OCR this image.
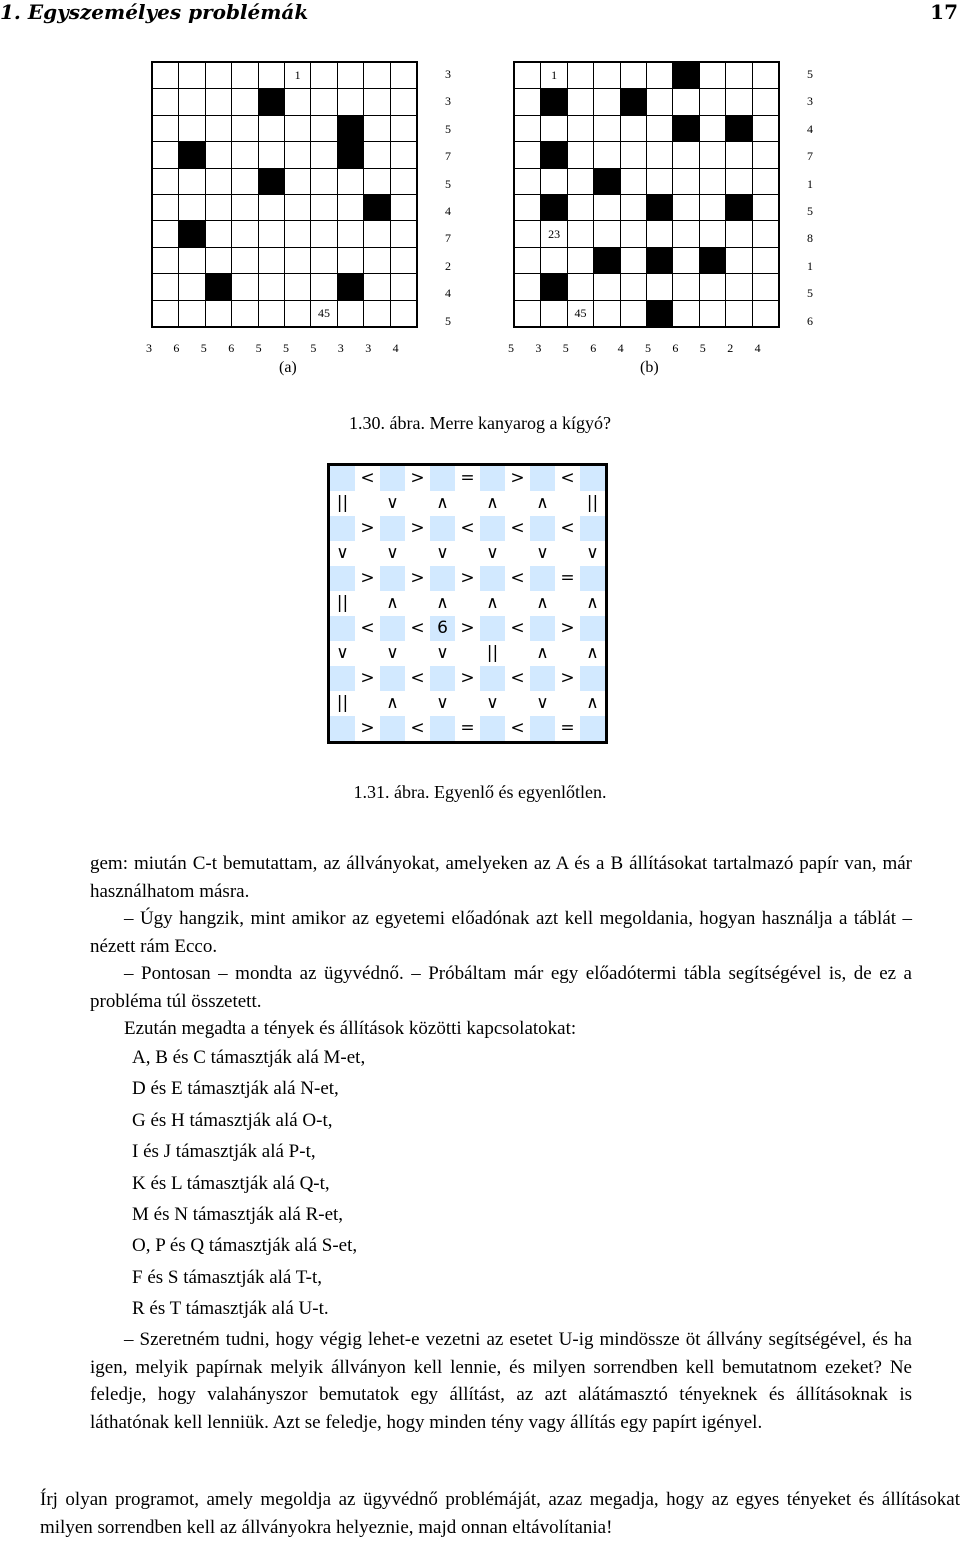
1. Egyszemélyes problémák	17
					1				

						45			
3
3
5
7
5
4
7
2
4
5
3	6	5	6	5	5	5	3	3	4
	1								

	23								

		45							
5
3
4
7
1
5
8
1
5
6
5	3	5	6	4	5	6	5	2	4
(a)	(b)
1.30. ábra. Merre kanyarog a kígyó?
	<		>		=		>		<	
||		∨		∧		∧		∧		||
	>		>		<		<		<	
∨		∨		∨		∨		∨		∨
	>		>		>		<		=	
||		∧		∧		∧		∧		∧
	<		<	6	>		<		>	
∨		∨		∨		||		∧		∧
	>		<		>		<		>	
||		∧		∨		∨		∨		∧
	>		<		=		<		=	
1.31. ábra. Egyenlő és egyenlőtlen.

gem: miután C-t bemutattam, az állványokat, amelyeken az A és a B állításokat tartalmazó papír van, már használhatom másra.

– Úgy hangzik, mint amikor az egyetemi előadónak azt kell megoldania, hogyan használja a táblát – nézett rám Ecco.

– Pontosan – mondta az ügyvédnő. – Próbáltam már egy előadótermi tábla segítségével is, de ez a probléma túl összetett.

Ezután megadta a tények és állítások közötti kapcsolatokat:

A, B és C támasztják alá M-et,
D és E támasztják alá N-et,
G és H támasztják alá O-t,
I és J támasztják alá P-t,
K és L támasztják alá Q-t,
M és N támasztják alá R-et,
O, P és Q támasztják alá S-et,
F és S támasztják alá T-t,
R és T támasztják alá U-t.

– Szeretném tudni, hogy végig lehet-e vezetni az esetet U-ig mindössze öt állvány segítségével, és ha igen, melyik papírnak melyik állványon kell lennie, és milyen sorrendben kell bemutatnom ezeket? Ne feledje, hogy valahányszor bemutatok egy állítást, az azt alátámasztó tényeknek és állításoknak is láthatónak kell lenniük. Azt se feledje, hogy minden tény vagy állítás egy papírt igényel.

Írj olyan programot, amely megoldja az ügyvédnő problémáját, azaz megadja, hogy az egyes tényeket és állításokat milyen sorrendben kell az állványokra helyeznie, majd onnan eltávolítania!
